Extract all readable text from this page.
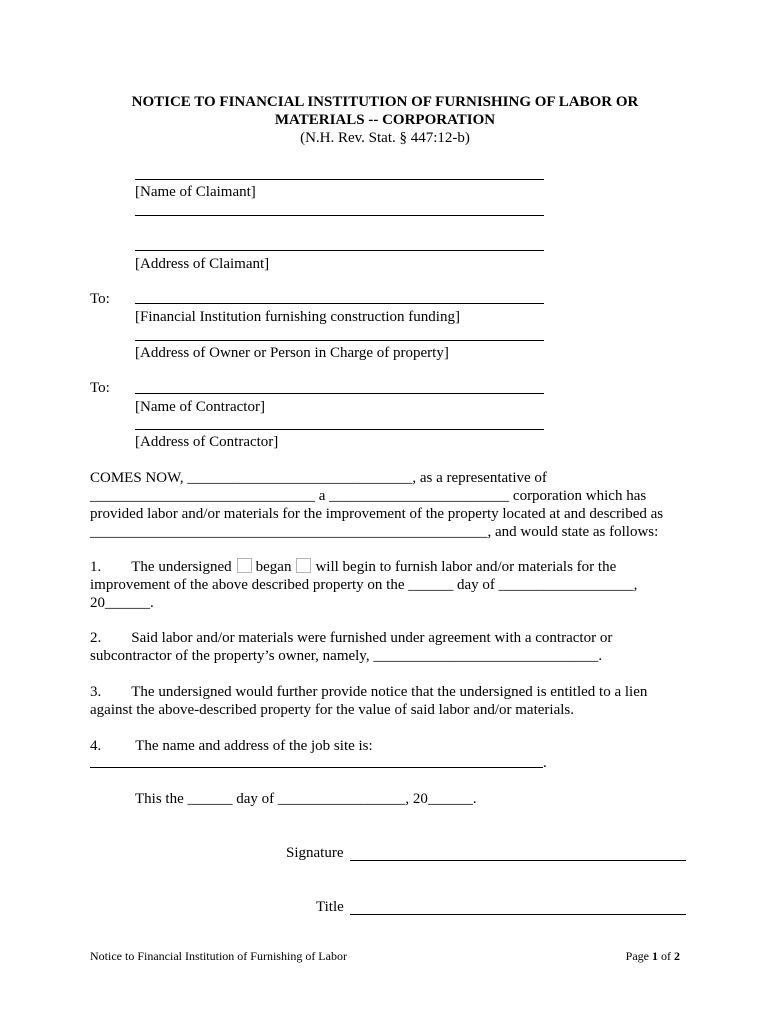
NOTICE TO FINANCIAL INSTITUTION OF FURNISHING OF LABOR OR
MATERIALS -- CORPORATION
(N.H. Rev. Stat. § 447:12-b)
[Name of Claimant]
[Address of Claimant]
To:
[Financial Institution furnishing construction funding]
[Address of Owner or Person in Charge of property]
To:
[Name of Contractor]
[Address of Contractor]
COMES NOW, ______________________________, as a representative of
______________________________ a ________________________ corporation which has
provided labor and/or materials for the improvement of the property located at and described as
_____________________________________________________, and would state as follows:
1. The undersigned began will begin to furnish labor and/or materials for the
improvement of the above described property on the ______ day of __________________,
20______.
2. Said labor and/or materials were furnished under agreement with a contractor or
subcontractor of the property’s owner, namely, ______________________________.
3. The undersigned would further provide notice that the undersigned is entitled to a lien
against the above-described property for the value of said labor and/or materials.
4. The name and address of the job site is:
.
This the ______ day of _________________, 20______.
Signature
Title
Notice to Financial Institution of Furnishing of Labor	Page 1 of 2
